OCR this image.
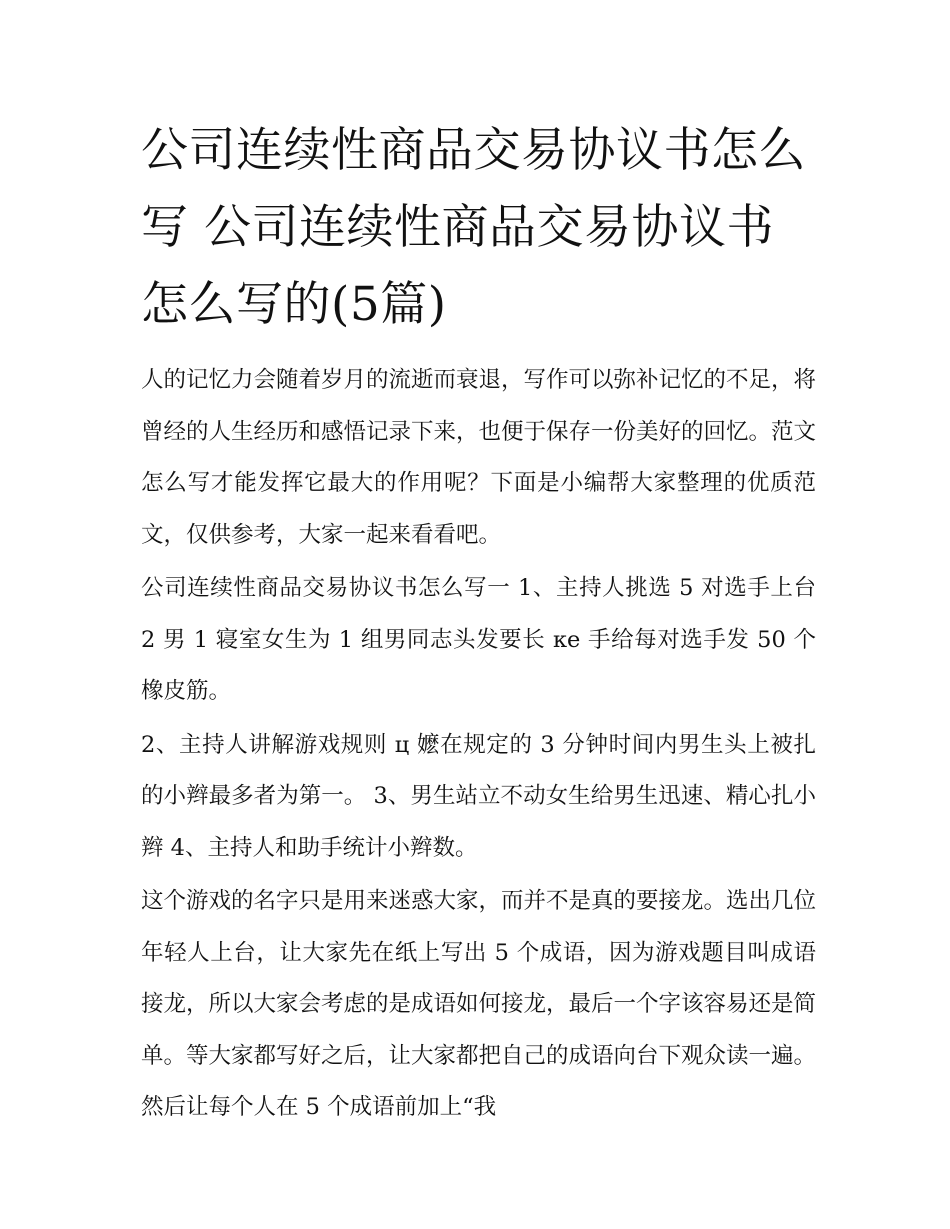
公司连续性商品交易协议书怎么写 公司连续性商品交易协议书怎么写的(5篇)

人的记忆力会随着岁月的流逝而衰退，写作可以弥补记忆的不足，将曾经的人生经历和感悟记录下来，也便于保存一份美好的回忆。范文怎么写才能发挥它最大的作用呢？下面是小编帮大家整理的优质范文，仅供参考，大家一起来看看吧。

公司连续性商品交易协议书怎么写一 1、主持人挑选 5 对选手上台 2 男 1 寝室女生为 1 组男同志头发要长 κe 手给每对选手发 50 个橡皮筋。

2、主持人讲解游戏规则 ц 嬷在规定的 3 分钟时间内男生头上被扎的小辫最多者为第一。 3、男生站立不动女生给男生迅速、精心扎小辫 4、主持人和助手统计小辫数。

这个游戏的名字只是用来迷惑大家，而并不是真的要接龙。选出几位年轻人上台，让大家先在纸上写出 5 个成语，因为游戏题目叫成语接龙，所以大家会考虑的是成语如何接龙，最后一个字该容易还是简单。等大家都写好之后，让大家都把自己的成语向台下观众读一遍。然后让每个人在 5 个成语前加上“我
